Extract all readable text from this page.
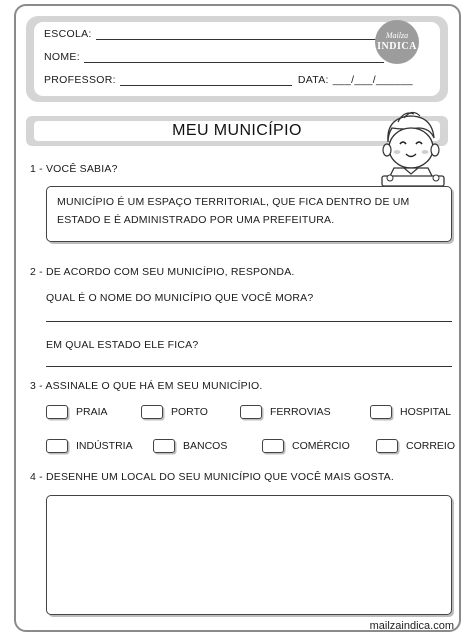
ESCOLA:
NOME:
PROFESSOR:	DATA: ___/___/______
Mailza
INDICA
MEU MUNICÍPIO
1 - VOCÊ SABIA?
MUNICÍPIO É UM ESPAÇO TERRITORIAL, QUE FICA DENTRO DE UM
ESTADO E É ADMINISTRADO POR UMA PREFEITURA.
2 - DE ACORDO COM SEU MUNICÍPIO, RESPONDA.
QUAL É O NOME DO MUNICÍPIO QUE VOCÊ MORA?
EM QUAL ESTADO ELE FICA?
3 - ASSINALE O QUE HÁ EM SEU MUNICÍPIO.
PRAIA	PORTO	FERROVIAS	HOSPITAL
INDÚSTRIA	BANCOS	COMÉRCIO	CORREIO
4 - DESENHE UM LOCAL DO SEU MUNICÍPIO QUE VOCÊ MAIS GOSTA.
mailzaindica.com
